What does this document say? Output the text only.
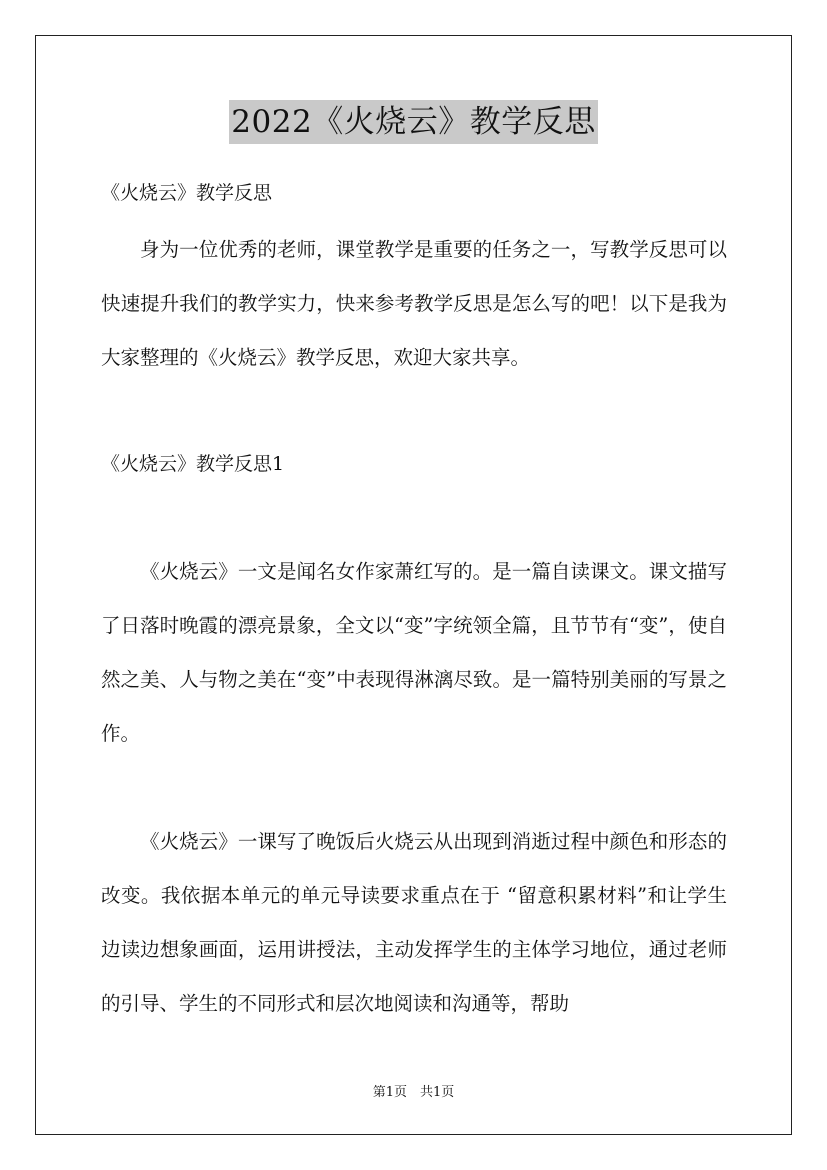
2022《火烧云》教学反思
《火烧云》教学反思

身为一位优秀的老师，课堂教学是重要的任务之一，写教学反思可以快速提升我们的教学实力，快来参考教学反思是怎么写的吧！以下是我为大家整理的《火烧云》教学反思，欢迎大家共享。

《火烧云》教学反思1

《火烧云》一文是闻名女作家萧红写的。是一篇自读课文。课文描写了日落时晚霞的漂亮景象，全文以“变”字统领全篇，且节节有“变”，使自然之美、人与物之美在“变”中表现得淋漓尽致。是一篇特别美丽的写景之作。

《火烧云》一课写了晚饭后火烧云从出现到消逝过程中颜色和形态的改变。我依据本单元的单元导读要求重点在于 “留意积累材料”和让学生边读边想象画面，运用讲授法，主动发挥学生的主体学习地位，通过老师的引导、学生的不同形式和层次地阅读和沟通等，帮助

第1页　共1页
